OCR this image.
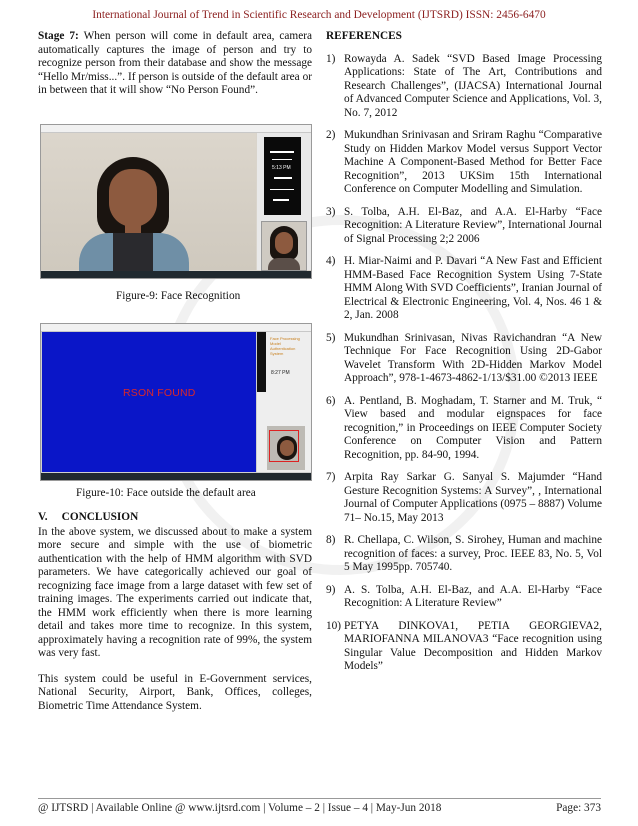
International Journal of Trend in Scientific Research and Development (IJTSRD) ISSN: 2456-6470

Stage 7: When person will come in default area, camera automatically captures the image of person and try to recognize person from their database and show the message “Hello Mr/miss...”. If person is outside of the default area or in between that it will show “No Person Found”.

5:13 PM
Figure-9: Face Recognition
RSON FOUND
Face Processing
Model
Authentication
System
8:27 PM
Figure-10: Face outside the default area
V. CONCLUSION

In the above system, we discussed about to make a system more secure and simple with the use of biometric authentication with the help of HMM algorithm with SVD parameters. We have categorically achieved our goal of recognizing face image from a large dataset with few set of training images. The experiments carried out indicate that, the HMM work efficiently when there is more learning detail and takes more time to recognize. In this system, approximately having a recognition rate of 99%, the system was very fast.

This system could be useful in E-Government services, National Security, Airport, Bank, Offices, colleges, Biometric Time Attendance System.

REFERENCES
1) Rowayda A. Sadek “SVD Based Image Processing Applications: State of The Art, Contributions and Research Challenges”, (IJACSA) International Journal of Advanced Computer Science and Applications, Vol. 3, No. 7, 2012
2) Mukundhan Srinivasan and Sriram Raghu “Comparative Study on Hidden Markov Model versus Support Vector Machine A Component-Based Method for Better Face Recognition”, 2013 UKSim 15th International Conference on Computer Modelling and Simulation.
3) S. Tolba, A.H. El-Baz, and A.A. El-Harby “Face Recognition: A Literature Review”, International Journal of Signal Processing 2;2 2006
4) H. Miar-Naimi and P. Davari “A New Fast and Efficient HMM-Based Face Recognition System Using 7-State HMM Along With SVD Coefficients”, Iranian Journal of Electrical & Electronic Engineering, Vol. 4, Nos. 46 1 & 2, Jan. 2008
5) Mukundhan Srinivasan, Nivas Ravichandran “A New Technique For Face Recognition Using 2D-Gabor Wavelet Transform With 2D-Hidden Markov Model Approach”, 978-1-4673-4862-1/13/$31.00 ©2013 IEEE
6) A. Pentland, B. Moghadam, T. Starner and M. Truk, “ View based and modular eignspaces for face recognition,” in Proceedings on IEEE Computer Society Conference on Computer Vision and Pattern Recognition, pp. 84-90, 1994.
7) Arpita Ray Sarkar G. Sanyal S. Majumder “Hand Gesture Recognition Systems: A Survey”, , International Journal of Computer Applications (0975 – 8887) Volume 71– No.15, May 2013
8) R. Chellapa, C. Wilson, S. Sirohey, Human and machine recognition of faces: a survey, Proc. IEEE 83, No. 5, Vol 5 May 1995pp. 705740.
9) A. S. Tolba, A.H. El-Baz, and A.A. El-Harby “Face Recognition: A Literature Review”
10) PETYA DINKOVA1, PETIA GEORGIEVA2, MARIOFANNA MILANOVA3 “Face recognition using Singular Value Decomposition and Hidden Markov Models”
@ IJTSRD | Available Online @ www.ijtsrd.com | Volume – 2 | Issue – 4 | May-Jun 2018	Page: 373
